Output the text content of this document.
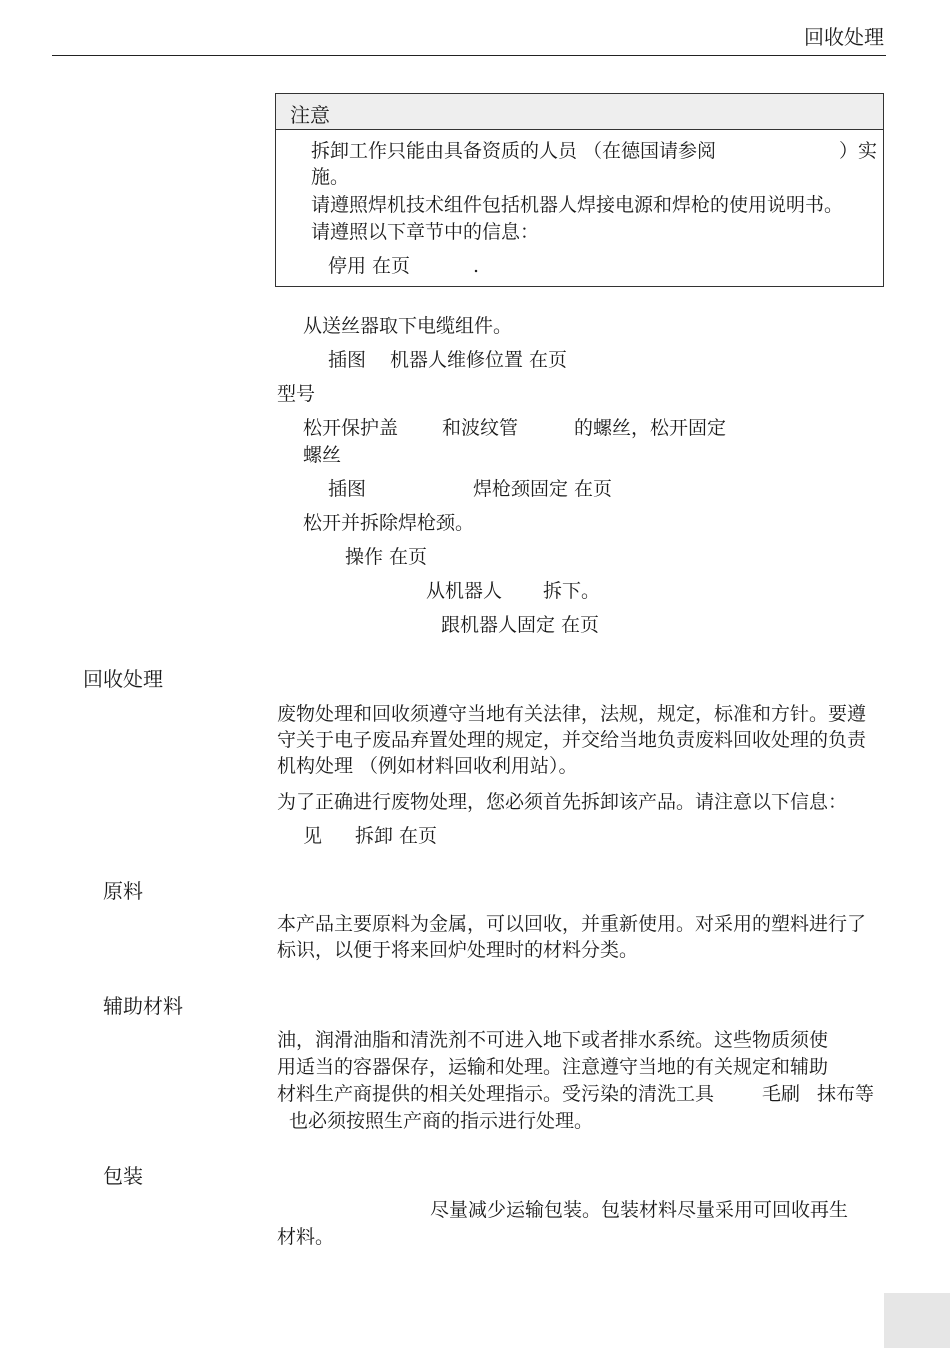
回收处理
注意
拆卸工作只能由具备资质的人员 （在德国请参阅	）实
施。
请遵照焊机技术组件包括机器人焊接电源和焊枪的使用说明书。
请遵照以下章节中的信息：
停用 在页	.
从送丝器取下电缆组件。
插图 机器人维修位置 在页
型号
松开保护盖 和波纹管	的螺丝，松开固定
螺丝
插图	焊枪颈固定 在页
松开并拆除焊枪颈。
操作 在页
从机器人 拆下。
跟机器人固定 在页
回收处理
废物处理和回收须遵守当地有关法律，法规，规定，标准和方针。要遵守关于电子废品弃置处理的规定，并交给当地负责废料回收处理的负责机构处理 （例如材料回收利用站）。
为了正确进行废物处理，您必须首先拆卸该产品。请注意以下信息：
见 拆卸 在页
原料
本产品主要原料为金属，可以回收，并重新使用。对采用的塑料进行了标识，以便于将来回炉处理时的材料分类。
辅助材料
油，润滑油脂和清洗剂不可进入地下或者排水系统。这些物质须使
用适当的容器保存，运输和处理。注意遵守当地的有关规定和辅助
材料生产商提供的相关处理指示。受污染的清洗工具	毛刷 抹布等
也必须按照生产商的指示进行处理。
包装
尽量减少运输包装。包装材料尽量采用可回收再生
材料。
